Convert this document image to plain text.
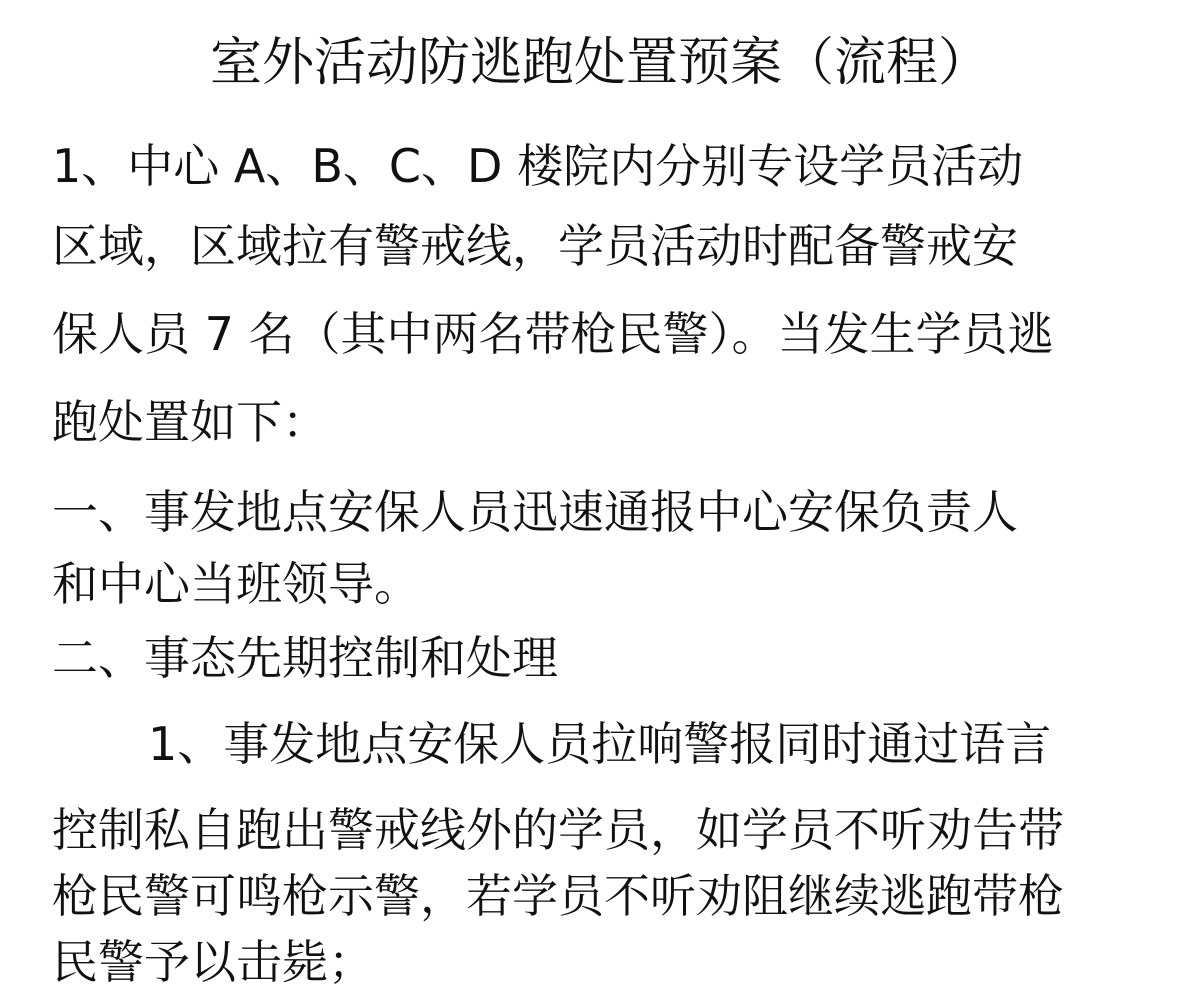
室外活动防逃跑处置预案（流程）
1、中心 A、B、C、D 楼院内分别专设学员活动
区域，区域拉有警戒线，学员活动时配备警戒安
保人员 7 名（其中两名带枪民警）。当发生学员逃
跑处置如下：
一、事发地点安保人员迅速通报中心安保负责人
和中心当班领导。
二、事态先期控制和处理
1、事发地点安保人员拉响警报同时通过语言
控制私自跑出警戒线外的学员，如学员不听劝告带
枪民警可鸣枪示警，若学员不听劝阻继续逃跑带枪
民警予以击毙；
